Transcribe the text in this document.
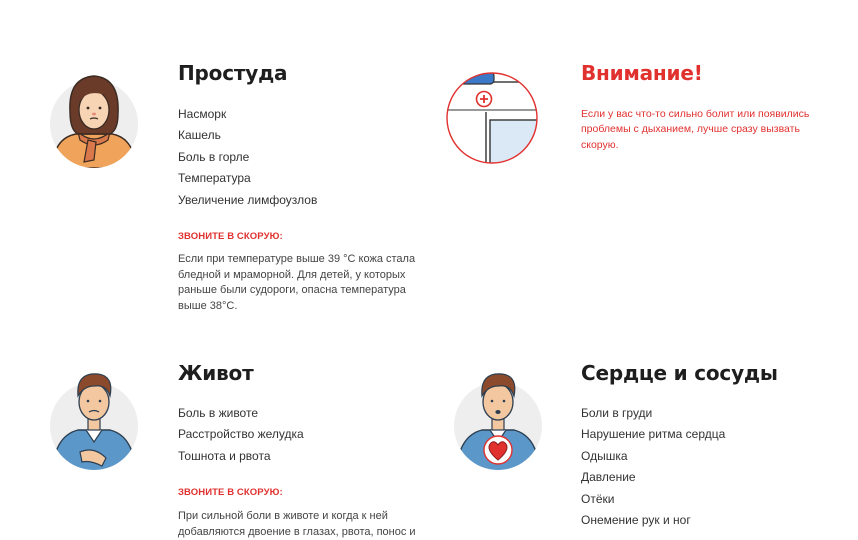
Простуда
Насморк
Кашель
Боль в горле
Температура
Увеличение лимфоузлов
ЗВОНИТЕ В СКОРУЮ:
Если при температуре выше 39 °С кожа стала бледной и мраморной. Для детей, у которых раньше были судороги, опасна температура выше 38°С.
Внимание!
Если у вас что-то сильно болит или появились проблемы с дыханием, лучше сразу вызвать скорую.
Живот
Боль в животе
Расстройство желудка
Тошнота и рвота
ЗВОНИТЕ В СКОРУЮ:
При сильной боли в животе и когда к ней добавляются двоение в глазах, рвота, понос и
Сердце и сосуды
Боли в груди
Нарушение ритма сердца
Одышка
Давление
Отёки
Онемение рук и ног
